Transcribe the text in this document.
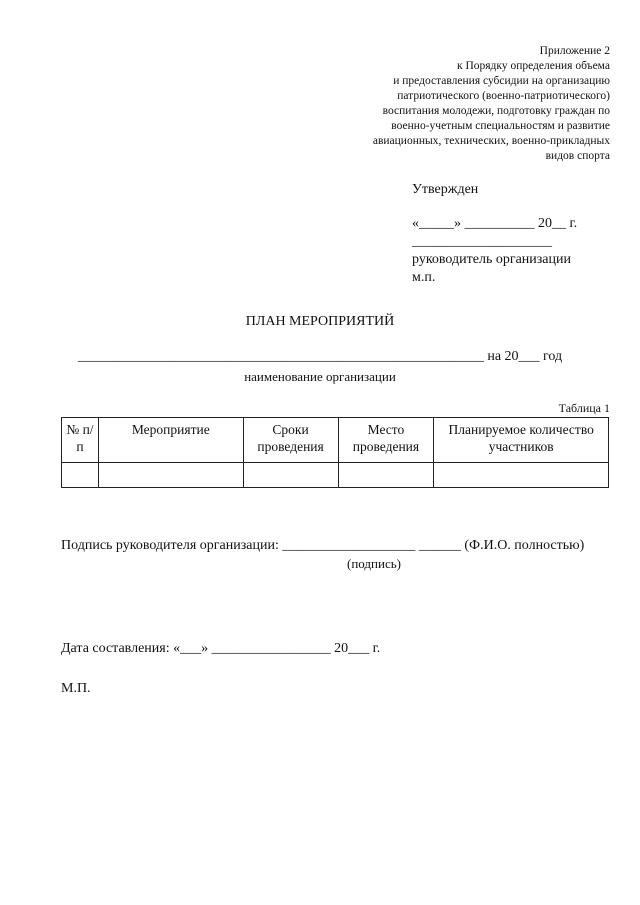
Приложение 2
к Порядку определения объема
и предоставления субсидии на организацию
патриотического (военно-патриотического)
воспитания молодежи, подготовку граждан по
военно-учетным специальностям и развитие
авиационных, технических, военно-прикладных
видов спорта
Утвержден
«_____» __________ 20__ г.
____________________
руководитель организации
м.п.
ПЛАН МЕРОПРИЯТИЙ
__________________________________________________________ на 20___ год
наименование организации
Таблица 1
№ п/п	Мероприятие	Сроки проведения	Место проведения	Планируемое количество участников

Подпись руководителя организации: ___________________ ______ (Ф.И.О. полностью)
(подпись)
Дата составления: «___» _________________ 20___ г.
М.П.
